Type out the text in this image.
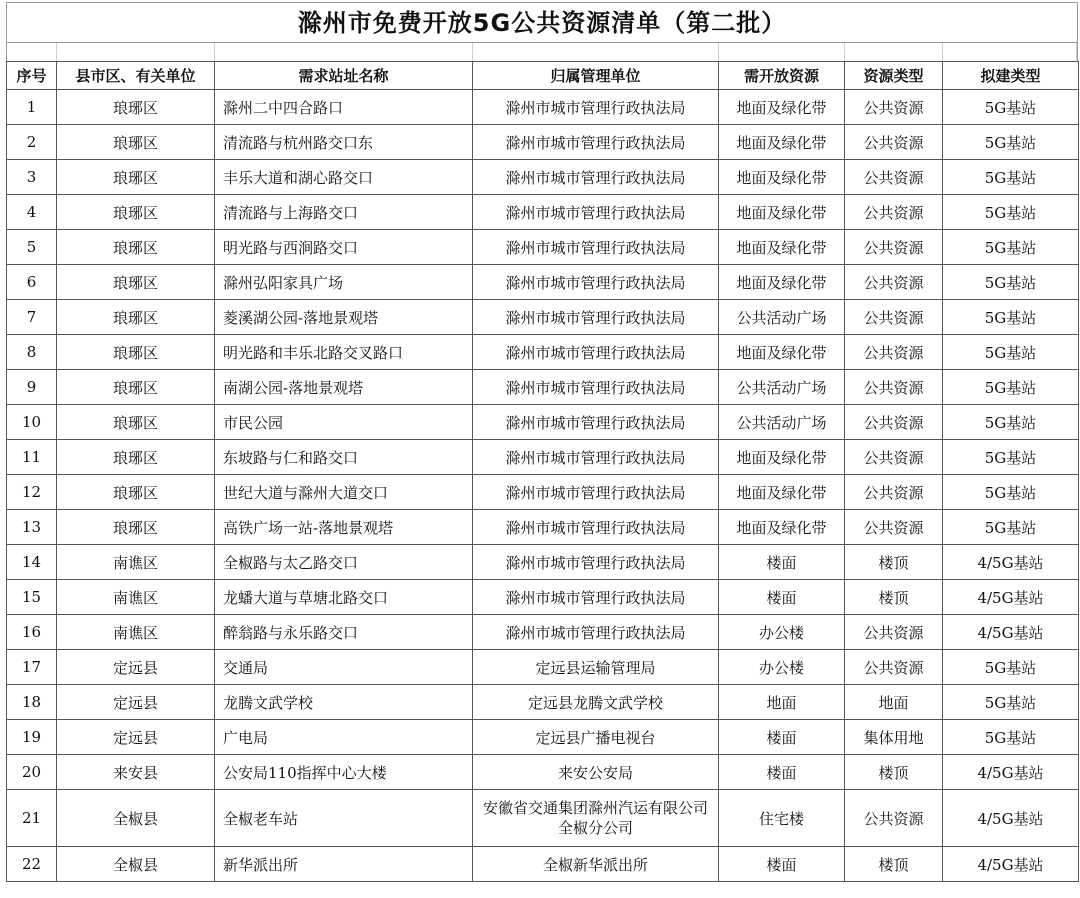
滁州市免费开放5G公共资源清单（第二批）
序号	县市区、有关单位	需求站址名称	归属管理单位	需开放资源	资源类型	拟建类型
1	琅琊区	滁州二中四合路口	滁州市城市管理行政执法局	地面及绿化带	公共资源	5G基站
2	琅琊区	清流路与杭州路交口东	滁州市城市管理行政执法局	地面及绿化带	公共资源	5G基站
3	琅琊区	丰乐大道和湖心路交口	滁州市城市管理行政执法局	地面及绿化带	公共资源	5G基站
4	琅琊区	清流路与上海路交口	滁州市城市管理行政执法局	地面及绿化带	公共资源	5G基站
5	琅琊区	明光路与西涧路交口	滁州市城市管理行政执法局	地面及绿化带	公共资源	5G基站
6	琅琊区	滁州弘阳家具广场	滁州市城市管理行政执法局	地面及绿化带	公共资源	5G基站
7	琅琊区	菱溪湖公园-落地景观塔	滁州市城市管理行政执法局	公共活动广场	公共资源	5G基站
8	琅琊区	明光路和丰乐北路交叉路口	滁州市城市管理行政执法局	地面及绿化带	公共资源	5G基站
9	琅琊区	南湖公园-落地景观塔	滁州市城市管理行政执法局	公共活动广场	公共资源	5G基站
10	琅琊区	市民公园	滁州市城市管理行政执法局	公共活动广场	公共资源	5G基站
11	琅琊区	东坡路与仁和路交口	滁州市城市管理行政执法局	地面及绿化带	公共资源	5G基站
12	琅琊区	世纪大道与滁州大道交口	滁州市城市管理行政执法局	地面及绿化带	公共资源	5G基站
13	琅琊区	高铁广场一站-落地景观塔	滁州市城市管理行政执法局	地面及绿化带	公共资源	5G基站
14	南谯区	全椒路与太乙路交口	滁州市城市管理行政执法局	楼面	楼顶	4/5G基站
15	南谯区	龙蟠大道与草塘北路交口	滁州市城市管理行政执法局	楼面	楼顶	4/5G基站
16	南谯区	醉翁路与永乐路交口	滁州市城市管理行政执法局	办公楼	公共资源	4/5G基站
17	定远县	交通局	定远县运输管理局	办公楼	公共资源	5G基站
18	定远县	龙腾文武学校	定远县龙腾文武学校	地面	地面	5G基站
19	定远县	广电局	定远县广播电视台	楼面	集体用地	5G基站
20	来安县	公安局110指挥中心大楼	来安公安局	楼面	楼顶	4/5G基站
21	全椒县	全椒老车站	安徽省交通集团滁州汽运有限公司全椒分公司	住宅楼	公共资源	4/5G基站
22	全椒县	新华派出所	全椒新华派出所	楼面	楼顶	4/5G基站
